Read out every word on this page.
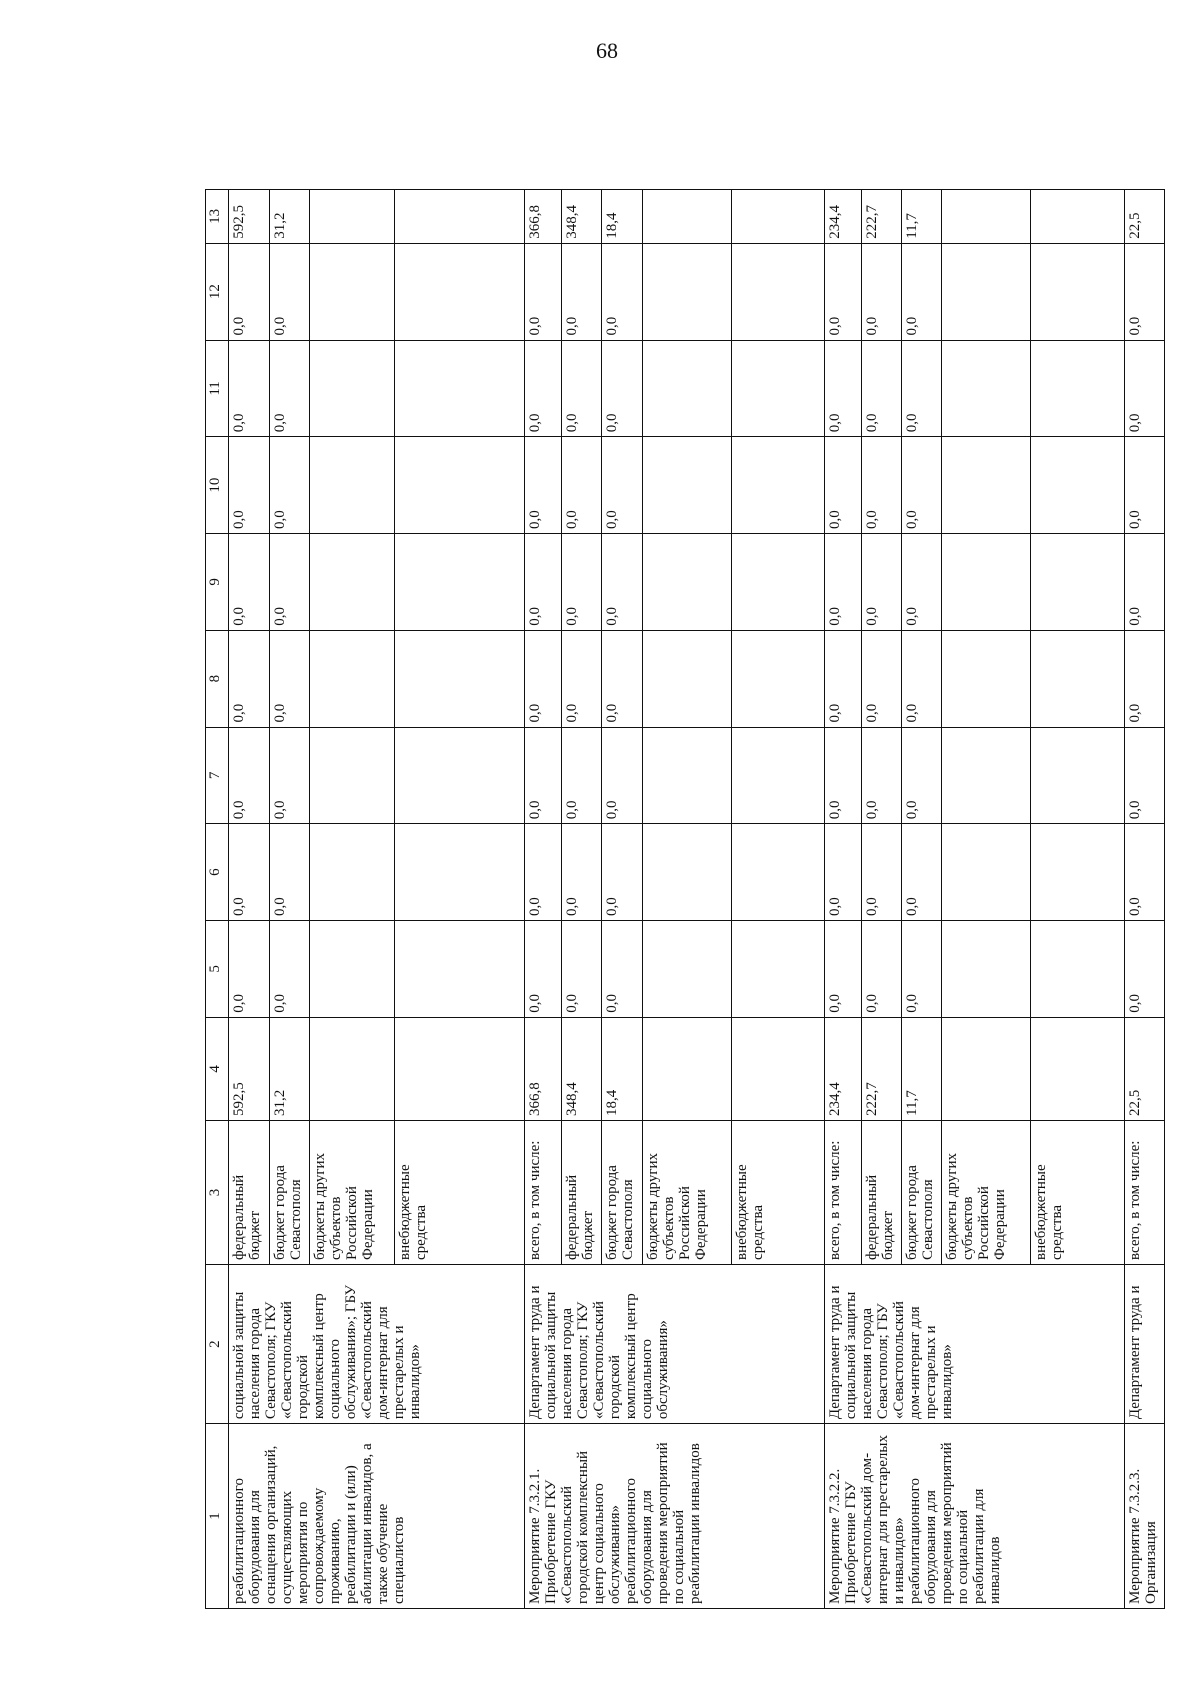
68
1	2	3	4	5	6	7	8	9	10	11	12	13
реабилитационного оборудования для оснащения организаций, осуществляющих мероприятия по сопровождаемому проживанию, реабилитации и (или) абилитации инвалидов, а также обучение специалистов	социальной защиты населения города Севастополя; ГКУ «Севастопольский городской комплексный центр социального обслуживания»; ГБУ «Севастопольский дом-интернат для престарелых и инвалидов»	федеральный бюджет	592,5	0,0	0,0	0,0	0,0	0,0	0,0	0,0	0,0	592,5
		бюджет города Севастополя	31,2	0,0	0,0	0,0	0,0	0,0	0,0	0,0	0,0	31,2
		бюджеты других субъектов Российской Федерации										
		внебюджетные средства										
Мероприятие 7.3.2.1. Приобретение ГКУ «Севастопольский городской комплексный центр социального обслуживания» реабилитационного оборудования для проведения мероприятий по социальной реабилитации инвалидов	Департамент труда и социальной защиты населения города Севастополя; ГКУ «Севастопольский городской комплексный центр социального обслуживания»	всего, в том числе:	366,8	0,0	0,0	0,0	0,0	0,0	0,0	0,0	0,0	366,8
		федеральный бюджет	348,4	0,0	0,0	0,0	0,0	0,0	0,0	0,0	0,0	348,4
		бюджет города Севастополя	18,4	0,0	0,0	0,0	0,0	0,0	0,0	0,0	0,0	18,4
		бюджеты других субъектов Российской Федерации										
		внебюджетные средства										
Мероприятие 7.3.2.2. Приобретение ГБУ «Севастопольский дом-интернат для престарелых и инвалидов» реабилитационного оборудования для проведения мероприятий по социальной реабилитации для инвалидов	Департамент труда и социальной защиты населения города Севастополя; ГБУ «Севастопольский дом-интернат для престарелых и инвалидов»	всего, в том числе:	234,4	0,0	0,0	0,0	0,0	0,0	0,0	0,0	0,0	234,4
		федеральный бюджет	222,7	0,0	0,0	0,0	0,0	0,0	0,0	0,0	0,0	222,7
		бюджет города Севастополя	11,7	0,0	0,0	0,0	0,0	0,0	0,0	0,0	0,0	11,7
		бюджеты других субъектов Российской Федерации										
		внебюджетные средства										
Мероприятие 7.3.2.3. Организация	Департамент труда и	всего, в том числе:	22,5	0,0	0,0	0,0	0,0	0,0	0,0	0,0	0,0	22,5
